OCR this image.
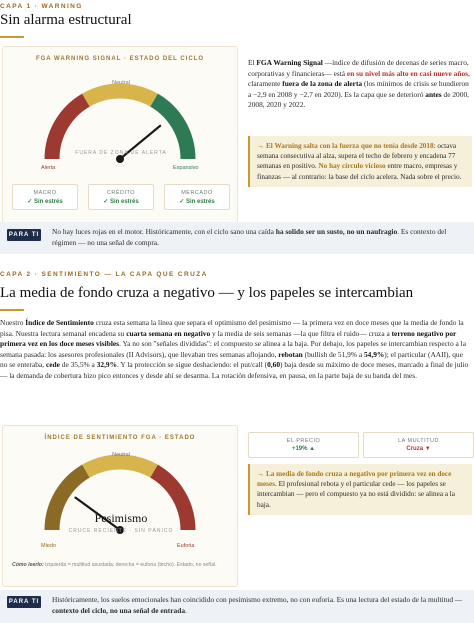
CAPA 1 · WARNING
Sin alarma estructural
FGA WARNING SIGNAL · ESTADO DEL CICLO
Neutral
Alerta	Expansivo
FUERA DE ZONA DE ALERTA
MACRO
✓ Sin estrés
CRÉDITO
✓ Sin estrés
MERCADO
✓ Sin estrés
El FGA Warning Signal —índice de difusión de decenas de series macro, corporativas y financieras— está en su nivel más alto en casi nueve años, claramente fuera de la zona de alerta (los mínimos de crisis se hundieron a −2,9 en 2008 y −2,7 en 2020). Es la capa que se deterioró antes de 2000, 2008, 2020 y 2022.
→ El Warning salta con la fuerza que no tenía desde 2018: octava semana consecutiva al alza, supera el techo de febrero y encadena 77 semanas en positivo. No hay círculo vicioso entre macro, empresas y finanzas — al contrario: la base del ciclo acelera. Nada sobre el precio.
PARA TI No hay luces rojas en el motor. Históricamente, con el ciclo sano una caída ha solido ser un susto, no un naufragio. Es contexto del régimen — no una señal de compra.
CAPA 2 · SENTIMIENTO — LA CAPA QUE CRUZA
La media de fondo cruza a negativo — y los papeles se intercambian
Nuestro Índice de Sentimiento cruza esta semana la línea que separa el optimismo del pesimismo — la primera vez en doce meses que la media de fondo la pisa. Nuestra lectura semanal encadena su cuarta semana en negativo y la media de seis semanas —la que filtra el ruido— cruza a terreno negativo por primera vez en los doce meses visibles. Ya no son "señales divididas": el compuesto se alinea a la baja. Por debajo, los papeles se intercambian respecto a la semana pasada: los asesores profesionales (II Advisors), que llevaban tres semanas aflojando, rebotan (bullish de 51,9% a 54,9%); el particular (AAII), que no se enteraba, cede de 35,5% a 32,9%. Y la protección se sigue deshaciendo: el put/call (0,60) baja desde su máximo de doce meses, marcado a final de julio — la demanda de cobertura hizo pico entonces y desde ahí se desarma. La rotación defensiva, en pausa, en la parte baja de su banda del mes.
ÍNDICE DE SENTIMIENTO FGA · ESTADO
Neutral
Miedo	Euforia
Pesimismo
CRUCE RECIENTE · SIN PÁNICO
Cómo leerlo: izquierda = multitud asustada; derecha = euforia (techo). Estado, no señal.
EL PRECIO
+19% ▲
LA MULTITUD
Cruza ▼
→ La media de fondo cruza a negativo por primera vez en doce meses. El profesional rebota y el particular cede — los papeles se intercambian — pero el compuesto ya no está dividido: se alinea a la baja.
PARA TI Históricamente, los suelos emocionales han coincidido con pesimismo extremo, no con euforia. Es una lectura del estado de la multitud — contexto del ciclo, no una señal de entrada.
